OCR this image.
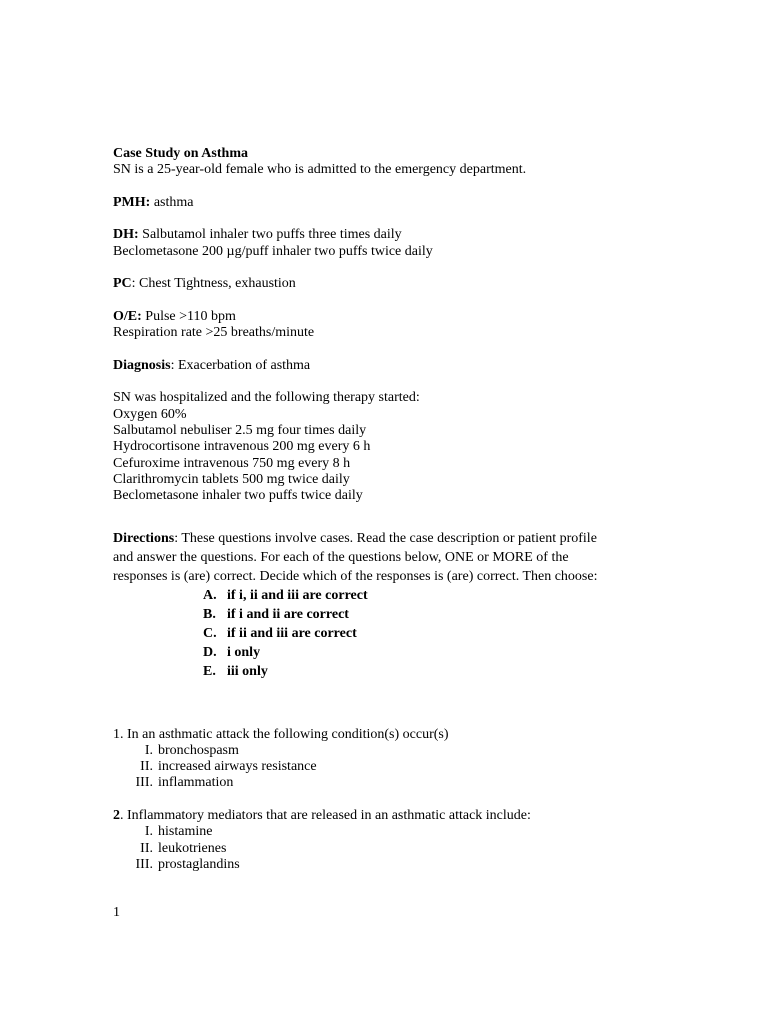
Case Study on Asthma
SN is a 25-year-old female who is admitted to the emergency department.
PMH: asthma
DH: Salbutamol inhaler two puffs three times daily
Beclometasone 200 µg/puff inhaler two puffs twice daily
PC: Chest Tightness, exhaustion
O/E: Pulse >110 bpm
Respiration rate >25 breaths/minute
Diagnosis: Exacerbation of asthma
SN was hospitalized and the following therapy started:
Oxygen 60%
Salbutamol nebuliser 2.5 mg four times daily
Hydrocortisone intravenous 200 mg every 6 h
Cefuroxime intravenous 750 mg every 8 h
Clarithromycin tablets 500 mg twice daily
Beclometasone inhaler two puffs twice daily
Directions: These questions involve cases. Read the case description or patient profile
and answer the questions. For each of the questions below, ONE or MORE of the
responses is (are) correct. Decide which of the responses is (are) correct. Then choose:
A. if i, ii and iii are correct
B. if i and ii are correct
C. if ii and iii are correct
D. i only
E. iii only
1. In an asthmatic attack the following condition(s) occur(s)
I. bronchospasm
II. increased airways resistance
III. inflammation
2. Inflammatory mediators that are released in an asthmatic attack include:
I. histamine
II. leukotrienes
III. prostaglandins
1
